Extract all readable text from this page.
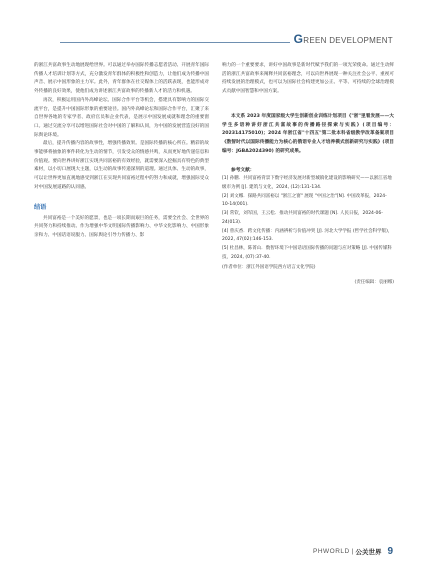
GREEN DEVELOPMENT

的浙江共富故事生动地展现给世界。可以通过举办国际传播志愿者活动、开展青年国际传播人才培训计划等方式，充分激发青年群体的积极性和创造力，让他们成为传播中国声音、展示中国形象的主力军。此外，青年群体在社交媒体上的活跃表现，也能形成对外传播的良好效果，使他们成为讲述浙江共富故事的传播新人才的活力和机遇。

再次，积极运用国内外高峰论坛、国际合作平台等机会，搭建具有影响力的国际交流平台，是提升中国国际形象的重要途径。国内外高峰论坛和国际合作平台，汇聚了来自世界各地的专家学者、政府官员和企业代表，是展示中国发展成就和理念的重要窗口。通过交流分享可以增进国际社会对中国的了解和认同，为中国的发展营造良好的国际舆论环境。

最后，提升传播内容的故事性，增强传播效果。是国际传播的核心所在。精彩的故事能够将抽象的事件转化为生动的情节，引发受众的情感共鸣，从而更好地传递信息和价值观。要向世界讲好浙江实现共同富裕的有效经验，就需要深入挖掘具有特色的典型素材，以小切口展现大主题，以生动的故事传递深刻的道理。通过具体、生动的故事，可以让世界更加直观地感受到浙江在实现共同富裕过程中的努力和成就，增强国际受众对中国发展道路的认同感。

结语

共同富裕是一个美好的愿景，也是一项长期而艰巨的任务，需要全社会、全世界的共同努力和持续推动。作为增强中华文明国际传播影响力、中华文化影响力、中国形象亲和力、中国话语说服力、国际舆论引导力传播力、影

响力的一个重要要求，讲好中国故事是新时代赋予我们的一项光荣使命。通过生动鲜活的浙江共富故事来阐释共同富裕理念，可以向世界展现一种关注社会公平、重视可持续发展的治理模式，也可以为国际社会构建更加公正、平等、可持续的全球治理模式贡献中国智慧和中国方案。

本文系 2023 年度国家级大学生创新创业训练计划项目《"浙"里看发展——大学生多语种讲好浙江共富故事的传播路径探索与实践》(项目编号：202314175010)；2024 年浙江省"十四五"第二批本科省级教学改革备案项目《数智时代以国际传播能力为核心的俄语专业人才培养模式创新研究与实践》(项目编号：JGBA2024390) 的研究成果。
参考文献：

[1] 孙鹏．共同富裕背景下数字经济发展对新型城镇化建设的影响研究——以浙江省地级市为例 [J]. 建筑与文化，2024, (12):131-134.

[2] 刘文娜．探路共同富裕以 "浙江之窗" 展现 "中国之治"[N]. 中国改革报，2024-10-14(001).

[3] 常钦，刘军国，王云松．推动共同富裕的时代课题 [N]. 人民日报，2024-06-24(013).

[4] 曾庆香．跨文化传播：内涵辨析与价值冲突 [J]. 河北大学学报 (哲学社会科学版)，2022, 47(02):146-153.

[5] 杜昌林，陈菁山．数智环境下中国话语国际传播的问题与应对策略 [J]. 中国传媒科技，2024, (07):37-40.

(作者单位：浙江外国语学院西方语言文化学院)

(责任编辑：袁丽娜)
PHWORLD | 公关世界 9
